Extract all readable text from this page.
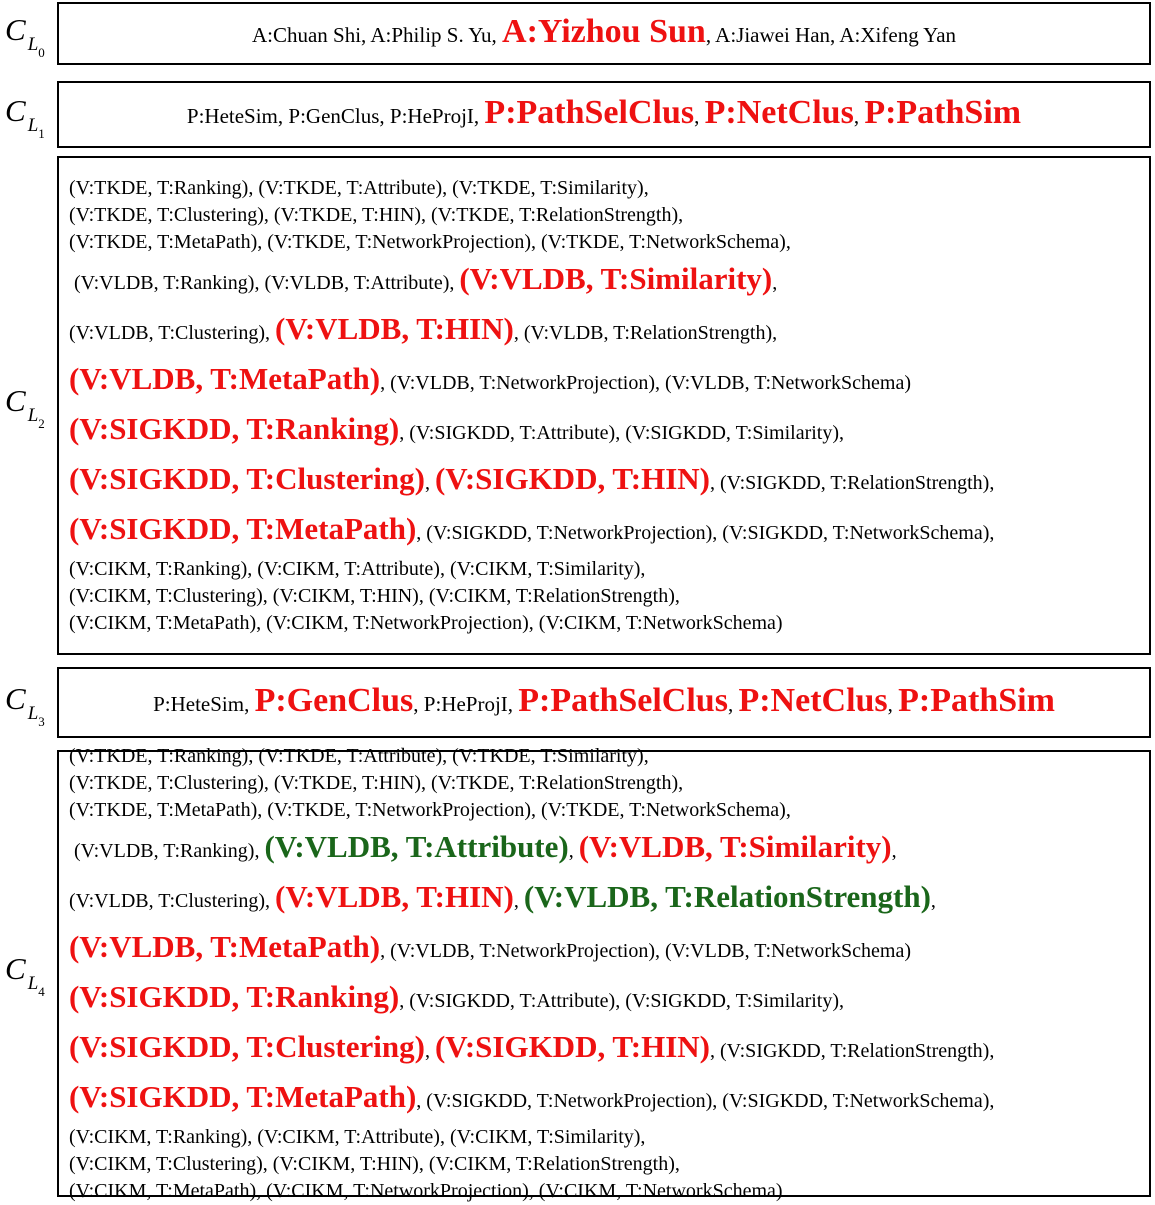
C $L_0$
A:Chuan Shi, A:Philip S. Yu, A:Yizhou Sun, A:Jiawei Han, A:Xifeng Yan
C $L_1$
P:HeteSim, P:GenClus, P:HeProjI, P:PathSelClus, P:NetClus, P:PathSim
C $L_2$
(V:TKDE, T:Ranking), (V:TKDE, T:Attribute), (V:TKDE, T:Similarity),
(V:TKDE, T:Clustering), (V:TKDE, T:HIN), (V:TKDE, T:RelationStrength),
(V:TKDE, T:MetaPath), (V:TKDE, T:NetworkProjection), (V:TKDE, T:NetworkSchema),
(V:VLDB, T:Ranking), (V:VLDB, T:Attribute), (V:VLDB, T:Similarity),
(V:VLDB, T:Clustering), (V:VLDB, T:HIN), (V:VLDB, T:RelationStrength),
(V:VLDB, T:MetaPath), (V:VLDB, T:NetworkProjection), (V:VLDB, T:NetworkSchema)
(V:SIGKDD, T:Ranking), (V:SIGKDD, T:Attribute), (V:SIGKDD, T:Similarity),
(V:SIGKDD, T:Clustering), (V:SIGKDD, T:HIN), (V:SIGKDD, T:RelationStrength),
(V:SIGKDD, T:MetaPath), (V:SIGKDD, T:NetworkProjection), (V:SIGKDD, T:NetworkSchema),
(V:CIKM, T:Ranking), (V:CIKM, T:Attribute), (V:CIKM, T:Similarity),
(V:CIKM, T:Clustering), (V:CIKM, T:HIN), (V:CIKM, T:RelationStrength),
(V:CIKM, T:MetaPath), (V:CIKM, T:NetworkProjection), (V:CIKM, T:NetworkSchema)
C $L_3$
P:HeteSim, P:GenClus, P:HeProjI, P:PathSelClus, P:NetClus, P:PathSim
C $L_4$
(V:TKDE, T:Ranking), (V:TKDE, T:Attribute), (V:TKDE, T:Similarity),
(V:TKDE, T:Clustering), (V:TKDE, T:HIN), (V:TKDE, T:RelationStrength),
(V:TKDE, T:MetaPath), (V:TKDE, T:NetworkProjection), (V:TKDE, T:NetworkSchema),
(V:VLDB, T:Ranking), (V:VLDB, T:Attribute), (V:VLDB, T:Similarity),
(V:VLDB, T:Clustering), (V:VLDB, T:HIN), (V:VLDB, T:RelationStrength),
(V:VLDB, T:MetaPath), (V:VLDB, T:NetworkProjection), (V:VLDB, T:NetworkSchema)
(V:SIGKDD, T:Ranking), (V:SIGKDD, T:Attribute), (V:SIGKDD, T:Similarity),
(V:SIGKDD, T:Clustering), (V:SIGKDD, T:HIN), (V:SIGKDD, T:RelationStrength),
(V:SIGKDD, T:MetaPath), (V:SIGKDD, T:NetworkProjection), (V:SIGKDD, T:NetworkSchema),
(V:CIKM, T:Ranking), (V:CIKM, T:Attribute), (V:CIKM, T:Similarity),
(V:CIKM, T:Clustering), (V:CIKM, T:HIN), (V:CIKM, T:RelationStrength),
(V:CIKM, T:MetaPath), (V:CIKM, T:NetworkProjection), (V:CIKM, T:NetworkSchema)
